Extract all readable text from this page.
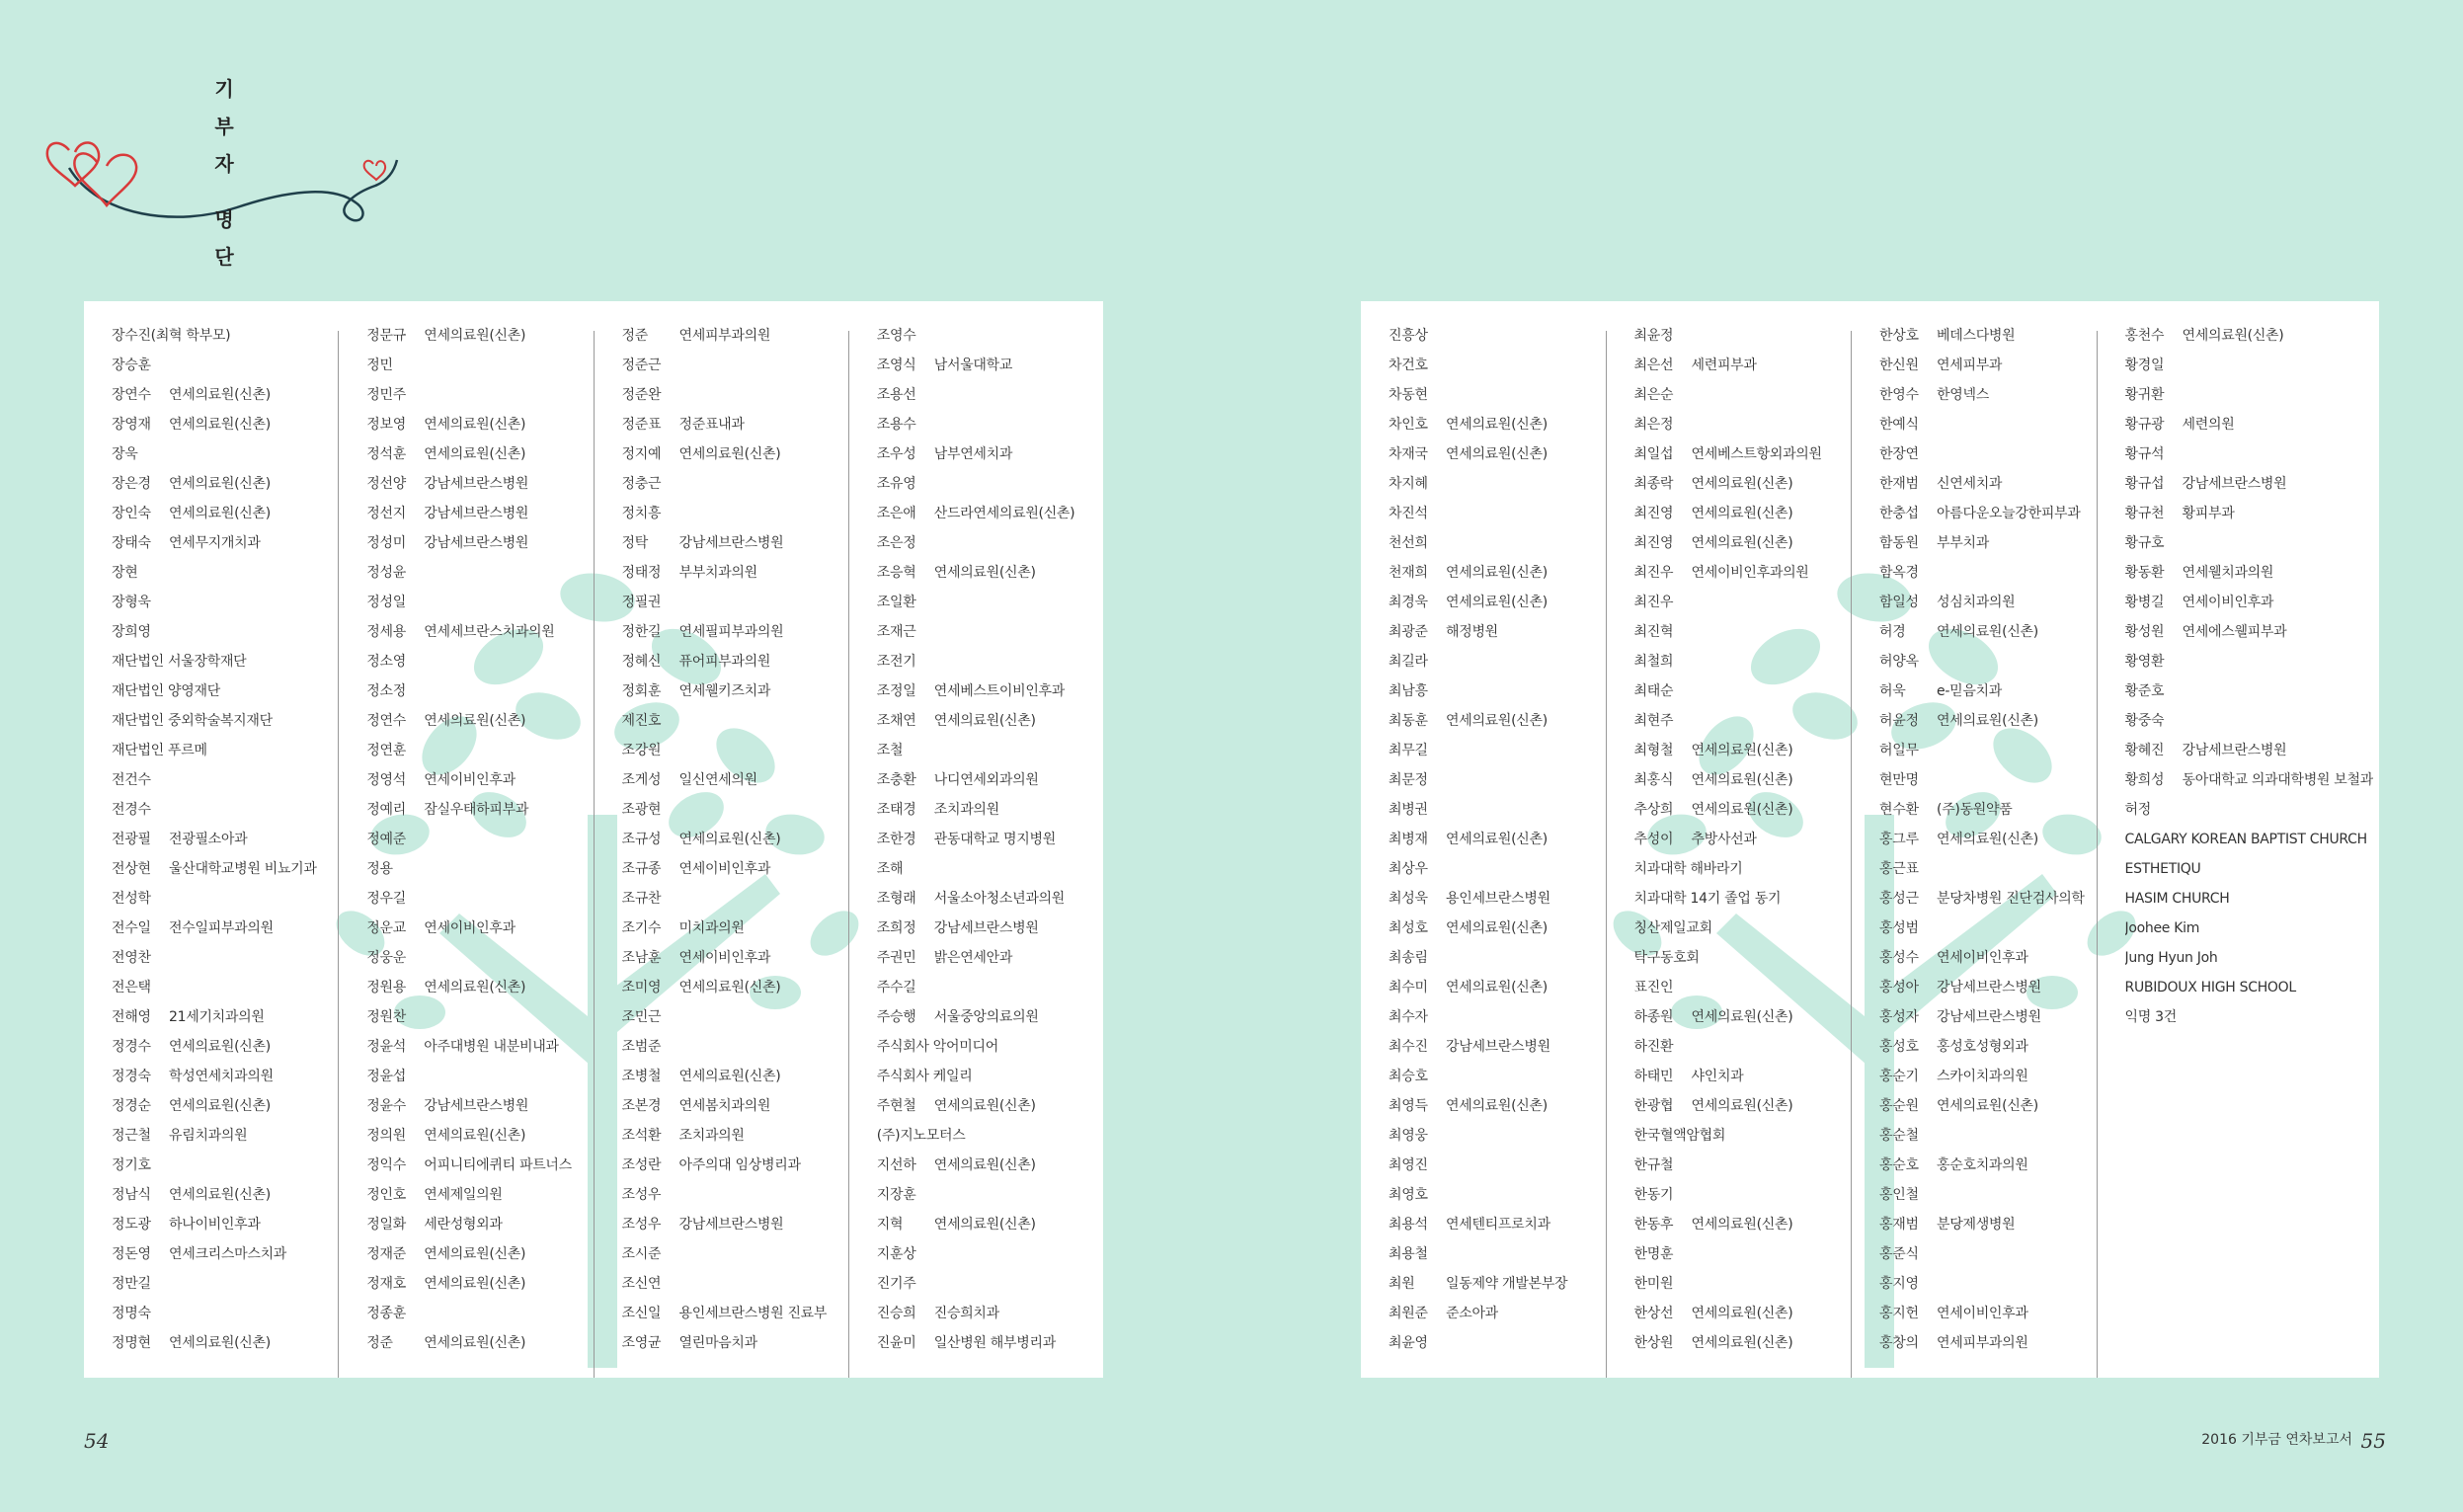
기
부
자
명
단
장수진(최혁 학부모)
장승훈
장연수 연세의료원(신촌)
장영재 연세의료원(신촌)
장욱
장은경 연세의료원(신촌)
장인숙 연세의료원(신촌)
장태숙 연세무지개치과
장현
장형욱
장희영
재단법인 서울장학재단
재단법인 양영재단
재단법인 중외학술복지재단
재단법인 푸르메
전건수
전경수
전광필 전광필소아과
전상현 울산대학교병원 비뇨기과
전성학
전수일 전수일피부과의원
전영찬
전은택
전해영 21세기치과의원
정경수 연세의료원(신촌)
정경숙 학성연세치과의원
정경순 연세의료원(신촌)
정근철 유림치과의원
정기호
정남식 연세의료원(신촌)
정도광 하나이비인후과
정돈영 연세크리스마스치과
정만길
정명숙
정명현 연세의료원(신촌)
정문규 연세의료원(신촌)
정민
정민주
정보영 연세의료원(신촌)
정석훈 연세의료원(신촌)
정선양 강남세브란스병원
정선지 강남세브란스병원
정성미 강남세브란스병원
정성윤
정성일
정세용 연세세브란스치과의원
정소영
정소정
정연수 연세의료원(신촌)
정연훈
정영석 연세이비인후과
정예리 잠실우태하피부과
정예준
정용
정우길
정운교 연세이비인후과
정웅운
정원용 연세의료원(신촌)
정원찬
정윤석 아주대병원 내분비내과
정윤섭
정윤수 강남세브란스병원
정의원 연세의료원(신촌)
정익수 어피니티에퀴티 파트너스
정인호 연세제일의원
정일화 세란성형외과
정재준 연세의료원(신촌)
정재호 연세의료원(신촌)
정종훈
정준 연세의료원(신촌)
정준 연세피부과의원
정준근
정준완
정준표 정준표내과
정지예 연세의료원(신촌)
정충근
정치흥
정탁 강남세브란스병원
정태정 부부치과의원
정필권
정한길 연세필피부과의원
정혜신 퓨어피부과의원
정회훈 연세웰키즈치과
제진호
조강원
조게성 일신연세의원
조광현
조규성 연세의료원(신촌)
조규종 연세이비인후과
조규찬
조기수 미치과의원
조남훈 연세이비인후과
조미영 연세의료원(신촌)
조민근
조범준
조병철 연세의료원(신촌)
조본경 연세봄치과의원
조석환 조치과의원
조성란 아주의대 임상병리과
조성우
조성우 강남세브란스병원
조시준
조신연
조신일 용인세브란스병원 진료부
조영균 열린마음치과
조영수
조영식 남서울대학교
조용선
조용수
조우성 남부연세치과
조유영
조은애 산드라연세의료원(신촌)
조은정
조응혁 연세의료원(신촌)
조일환
조재근
조전기
조정일 연세베스트이비인후과
조채연 연세의료원(신촌)
조철
조충환 나디연세외과의원
조태경 조치과의원
조한경 관동대학교 명지병원
조해
조형래 서울소아청소년과의원
조희정 강남세브란스병원
주권민 밝은연세안과
주수길
주승행 서울중앙의료의원
주식회사 악어미디어
주식회사 케일리
주현철 연세의료원(신촌)
(주)지노모터스
지선하 연세의료원(신촌)
지장훈
지혁 연세의료원(신촌)
지훈상
진기주
진승희 진승희치과
진윤미 일산병원 해부병리과
진흥상
차건호
차동현
차인호 연세의료원(신촌)
차재국 연세의료원(신촌)
차지혜
차진석
천선희
천재희 연세의료원(신촌)
최경욱 연세의료원(신촌)
최광준 해정병원
최길라
최남흥
최동훈 연세의료원(신촌)
최무길
최문정
최병권
최병재 연세의료원(신촌)
최상우
최성욱 용인세브란스병원
최성호 연세의료원(신촌)
최송림
최수미 연세의료원(신촌)
최수자
최수진 강남세브란스병원
최승호
최영득 연세의료원(신촌)
최영웅
최영진
최영호
최용석 연세텐티프로치과
최용철
최원 일동제약 개발본부장
최원준 준소아과
최윤영
최윤정
최은선 세련피부과
최은순
최은정
최일섭 연세베스트항외과의원
최종락 연세의료원(신촌)
최진영 연세의료원(신촌)
최진영 연세의료원(신촌)
최진우 연세이비인후과의원
최진우
최진혁
최철희
최태순
최현주
최형철 연세의료원(신촌)
최홍식 연세의료원(신촌)
추상희 연세의료원(신촌)
추성이 추방사선과
치과대학 해바라기
치과대학 14기 졸업 동기
칭산제일교회
탁구동호회
표진인
하종원 연세의료원(신촌)
하진환
하태민 샤인치과
한광협 연세의료원(신촌)
한국혈액암협회
한규철
한동기
한동후 연세의료원(신촌)
한명훈
한미원
한상선 연세의료원(신촌)
한상원 연세의료원(신촌)
한상호 베데스다병원
한신원 연세피부과
한영수 한영넥스
한예식
한장연
한재범 신연세치과
한충섭 아름다운오늘강한피부과
함동원 부부치과
함옥경
함일성 성심치과의원
허경 연세의료원(신촌)
허양옥
허욱 e-믿음치과
허윤정 연세의료원(신촌)
허일무
현만명
현수환 (주)동원약품
홍그루 연세의료원(신촌)
홍근표
홍성근 분당차병원 진단검사의학
홍성범
홍성수 연세이비인후과
홍성아 강남세브란스병원
홍성자 강남세브란스병원
홍성호 홍성호성형외과
홍순기 스카이치과의원
홍순원 연세의료원(신촌)
홍순철
홍순호 홍순호치과의원
홍인철
홍재범 분당제생병원
홍준식
홍지영
홍지헌 연세이비인후과
홍창의 연세피부과의원
홍천수 연세의료원(신촌)
황경일
황귀환
황규광 세련의원
황규석
황규섭 강남세브란스병원
황규천 황피부과
황규호
황동환 연세웰치과의원
황병길 연세이비인후과
황성원 연세에스웰피부과
황영환
황준호
황중숙
황혜진 강남세브란스병원
황희성 동아대학교 의과대학병원 보철과
허정
CALGARY KOREAN BAPTIST CHURCH
ESTHETIQU
HASIM CHURCH
Joohee Kim
Jung Hyun Joh
RUBIDOUX HIGH SCHOOL
익명 3건
54	2016 기부금 연차보고서 55
